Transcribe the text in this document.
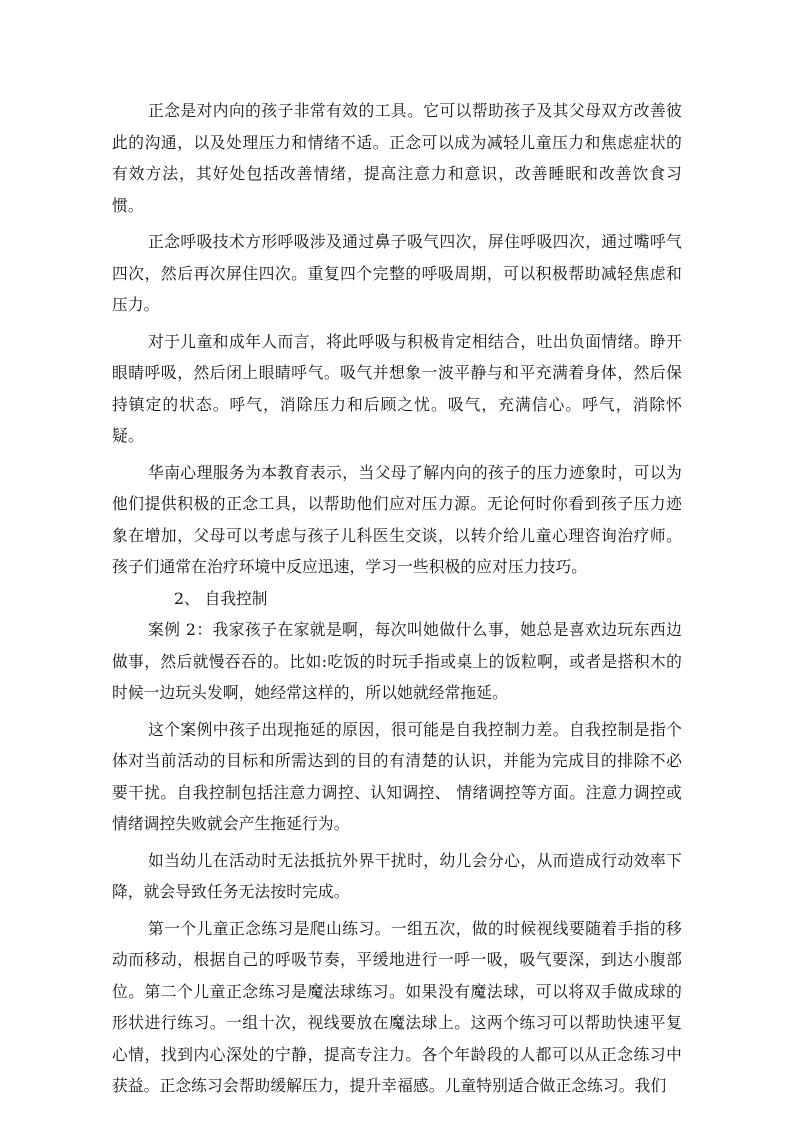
正念是对内向的孩子非常有效的工具。它可以帮助孩子及其父母双方改善彼此的沟通，以及处理压力和情绪不适。正念可以成为减轻儿童压力和焦虑症状的有效方法，其好处包括改善情绪，提高注意力和意识，改善睡眠和改善饮食习惯。

正念呼吸技术方形呼吸涉及通过鼻子吸气四次，屏住呼吸四次，通过嘴呼气四次，然后再次屏住四次。重复四个完整的呼吸周期，可以积极帮助减轻焦虑和压力。

对于儿童和成年人而言，将此呼吸与积极肯定相结合，吐出负面情绪。睁开眼睛呼吸，然后闭上眼睛呼气。吸气并想象一波平静与和平充满着身体，然后保持镇定的状态。呼气，消除压力和后顾之忧。吸气，充满信心。呼气，消除怀疑。

华南心理服务为本教育表示，当父母了解内向的孩子的压力迹象时，可以为他们提供积极的正念工具，以帮助他们应对压力源。无论何时你看到孩子压力迹象在增加，父母可以考虑与孩子儿科医生交谈，以转介给儿童心理咨询治疗师。孩子们通常在治疗环境中反应迅速，学习一些积极的应对压力技巧。

2、 自我控制

案例 2：我家孩子在家就是啊，每次叫她做什么事，她总是喜欢边玩东西边做事，然后就慢吞吞的。比如:吃饭的时玩手指或桌上的饭粒啊，或者是搭积木的时候一边玩头发啊，她经常这样的，所以她就经常拖延。

这个案例中孩子出现拖延的原因，很可能是自我控制力差。自我控制是指个体对当前活动的目标和所需达到的目的有清楚的认识，并能为完成目的排除不必要干扰。自我控制包括注意力调控、认知调控、 情绪调控等方面。注意力调控或情绪调控失败就会产生拖延行为。

如当幼儿在活动时无法抵抗外界干扰时，幼儿会分心，从而造成行动效率下降，就会导致任务无法按时完成。

第一个儿童正念练习是爬山练习。一组五次，做的时候视线要随着手指的移动而移动，根据自己的呼吸节奏，平缓地进行一呼一吸，吸气要深，到达小腹部位。第二个儿童正念练习是魔法球练习。如果没有魔法球，可以将双手做成球的形状进行练习。一组十次，视线要放在魔法球上。这两个练习可以帮助快速平复心情，找到内心深处的宁静，提高专注力。各个年龄段的人都可以从正念练习中获益。正念练习会帮助缓解压力，提升幸福感。儿童特别适合做正念练习。我们
